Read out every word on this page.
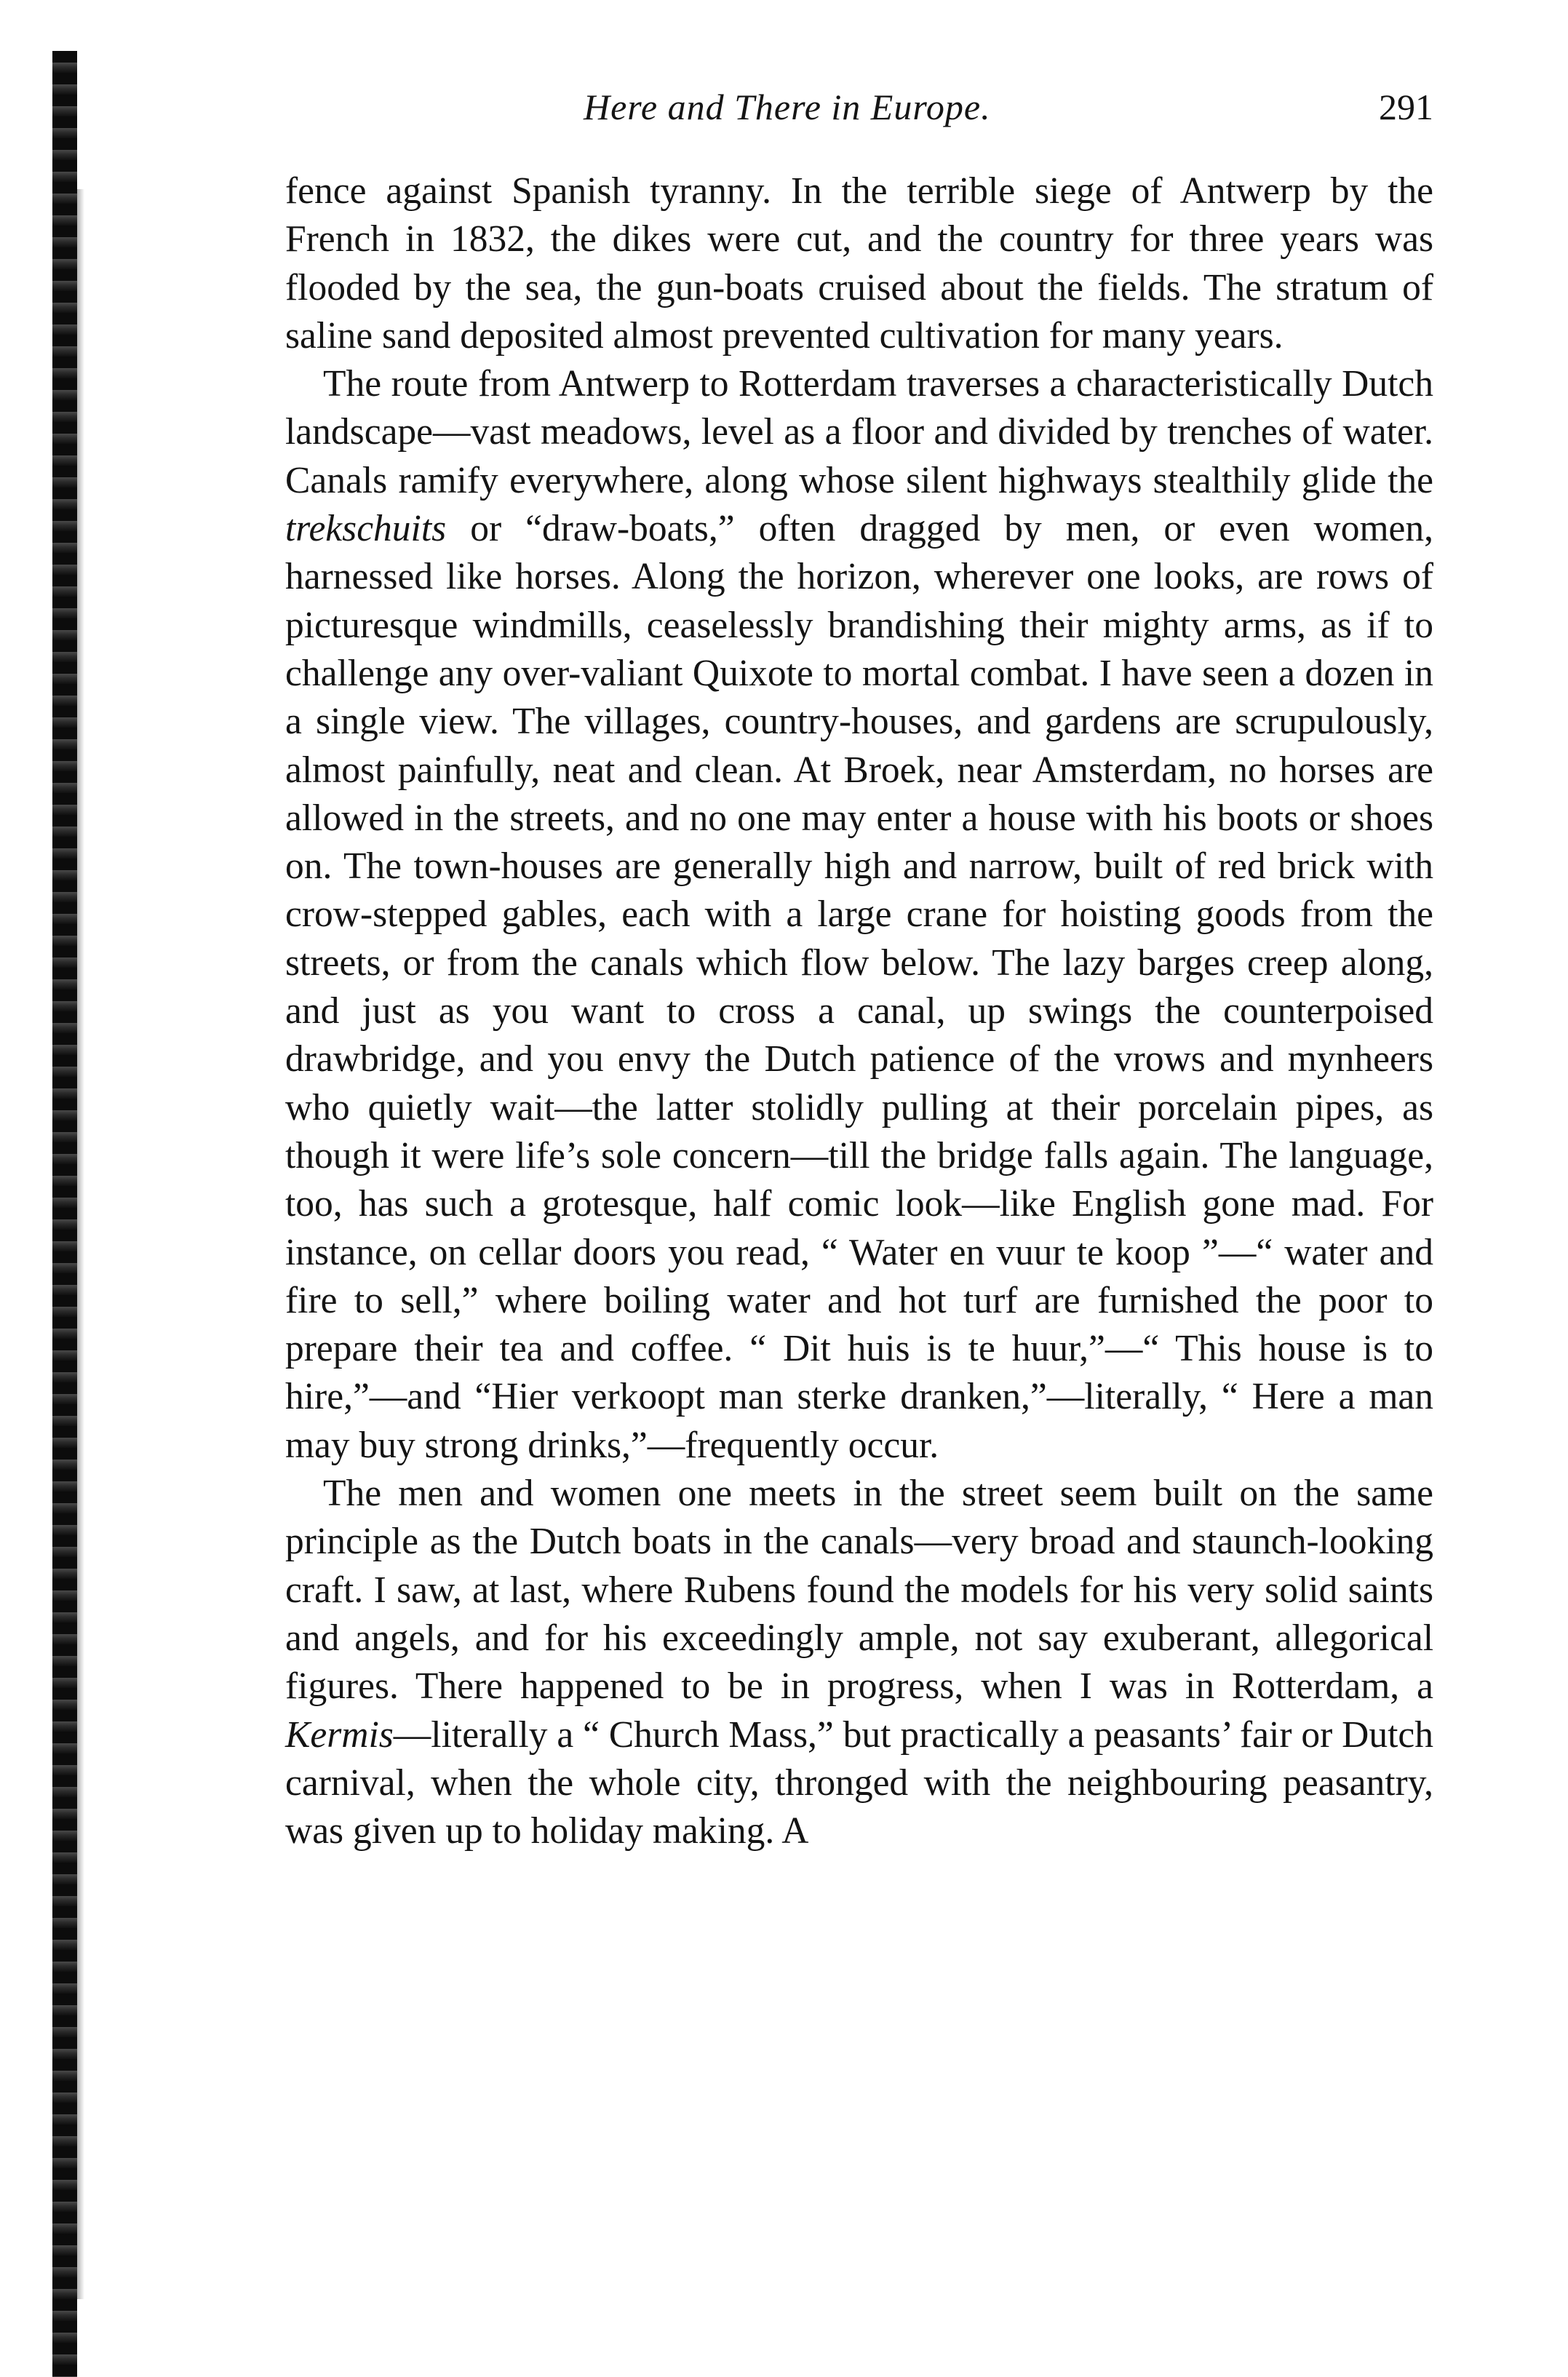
Here and There in Europe.	291

fence against Spanish tyranny. In the terrible siege of Antwerp by the French in 1832, the dikes were cut, and the country for three years was flooded by the sea, the gun-boats cruised about the fields. The stratum of saline sand deposited almost prevented cultivation for many years.

The route from Antwerp to Rotterdam traverses a characteristically Dutch landscape—vast meadows, level as a floor and divided by trenches of water. Canals ramify everywhere, along whose silent highways stealthily glide the trekschuits or “draw-boats,” often dragged by men, or even women, harnessed like horses. Along the horizon, wherever one looks, are rows of picturesque windmills, ceaselessly brandishing their mighty arms, as if to challenge any over-valiant Quixote to mortal combat. I have seen a dozen in a single view. The villages, country-houses, and gardens are scrupulously, almost painfully, neat and clean. At Broek, near Amsterdam, no horses are allowed in the streets, and no one may enter a house with his boots or shoes on. The town-houses are generally high and narrow, built of red brick with crow-stepped gables, each with a large crane for hoisting goods from the streets, or from the canals which flow below. The lazy barges creep along, and just as you want to cross a canal, up swings the counterpoised drawbridge, and you envy the Dutch patience of the vrows and mynheers who quietly wait—the latter stolidly pulling at their porcelain pipes, as though it were life’s sole concern—till the bridge falls again. The language, too, has such a grotesque, half comic look—like English gone mad. For instance, on cellar doors you read, “ Water en vuur te koop ”—“ water and fire to sell,” where boiling water and hot turf are furnished the poor to prepare their tea and coffee. “ Dit huis is te huur,”—“ This house is to hire,”—and “Hier verkoopt man sterke dranken,”—literally, “ Here a man may buy strong drinks,”—frequently occur.

The men and women one meets in the street seem built on the same principle as the Dutch boats in the canals—very broad and staunch-looking craft. I saw, at last, where Rubens found the models for his very solid saints and angels, and for his exceedingly ample, not say exuberant, allegorical figures. There happened to be in progress, when I was in Rotterdam, a Kermis—literally a “ Church Mass,” but practically a peasants’ fair or Dutch carnival, when the whole city, thronged with the neighbouring peasantry, was given up to holiday making. A
